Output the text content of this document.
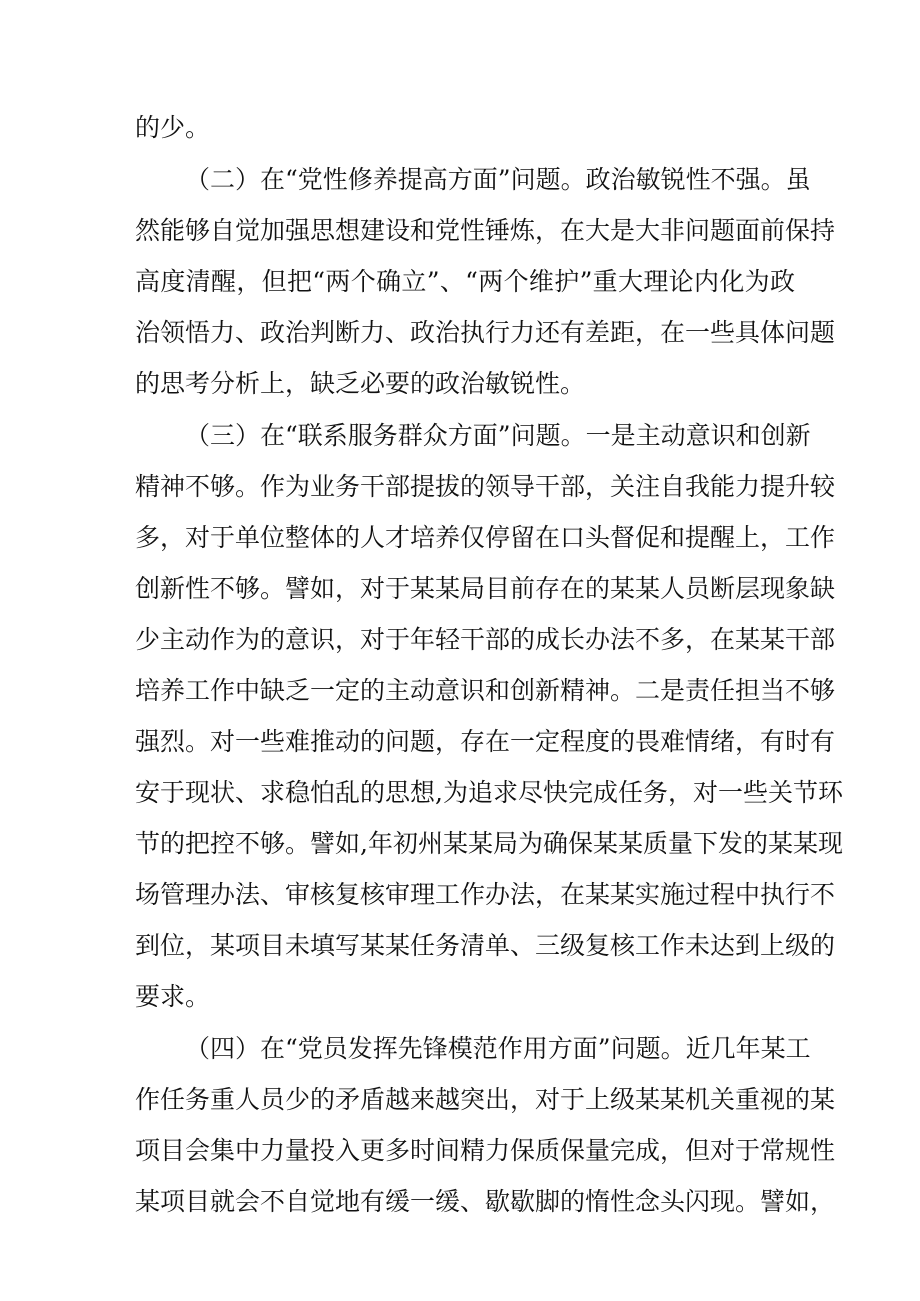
的少。
（二）在“党性修养提高方面”问题。政治敏锐性不强。虽
然能够自觉加强思想建设和党性锤炼，在大是大非问题面前保持
高度清醒，但把“两个确立”、“两个维护”重大理论内化为政
治领悟力、政治判断力、政治执行力还有差距，在一些具体问题
的思考分析上，缺乏必要的政治敏锐性。
（三）在“联系服务群众方面”问题。一是主动意识和创新
精神不够。作为业务干部提拔的领导干部，关注自我能力提升较
多，对于单位整体的人才培养仅停留在口头督促和提醒上，工作
创新性不够。譬如，对于某某局目前存在的某某人员断层现象缺
少主动作为的意识，对于年轻干部的成长办法不多，在某某干部
培养工作中缺乏一定的主动意识和创新精神。二是责任担当不够
强烈。对一些难推动的问题，存在一定程度的畏难情绪，有时有
安于现状、求稳怕乱的思想,为追求尽快完成任务，对一些关节环
节的把控不够。譬如,年初州某某局为确保某某质量下发的某某现
场管理办法、审核复核审理工作办法，在某某实施过程中执行不
到位，某项目未填写某某任务清单、三级复核工作未达到上级的
要求。
（四）在“党员发挥先锋模范作用方面”问题。近几年某工
作任务重人员少的矛盾越来越突出，对于上级某某机关重视的某
项目会集中力量投入更多时间精力保质保量完成，但对于常规性
某项目就会不自觉地有缓一缓、歇歇脚的惰性念头闪现。譬如，
